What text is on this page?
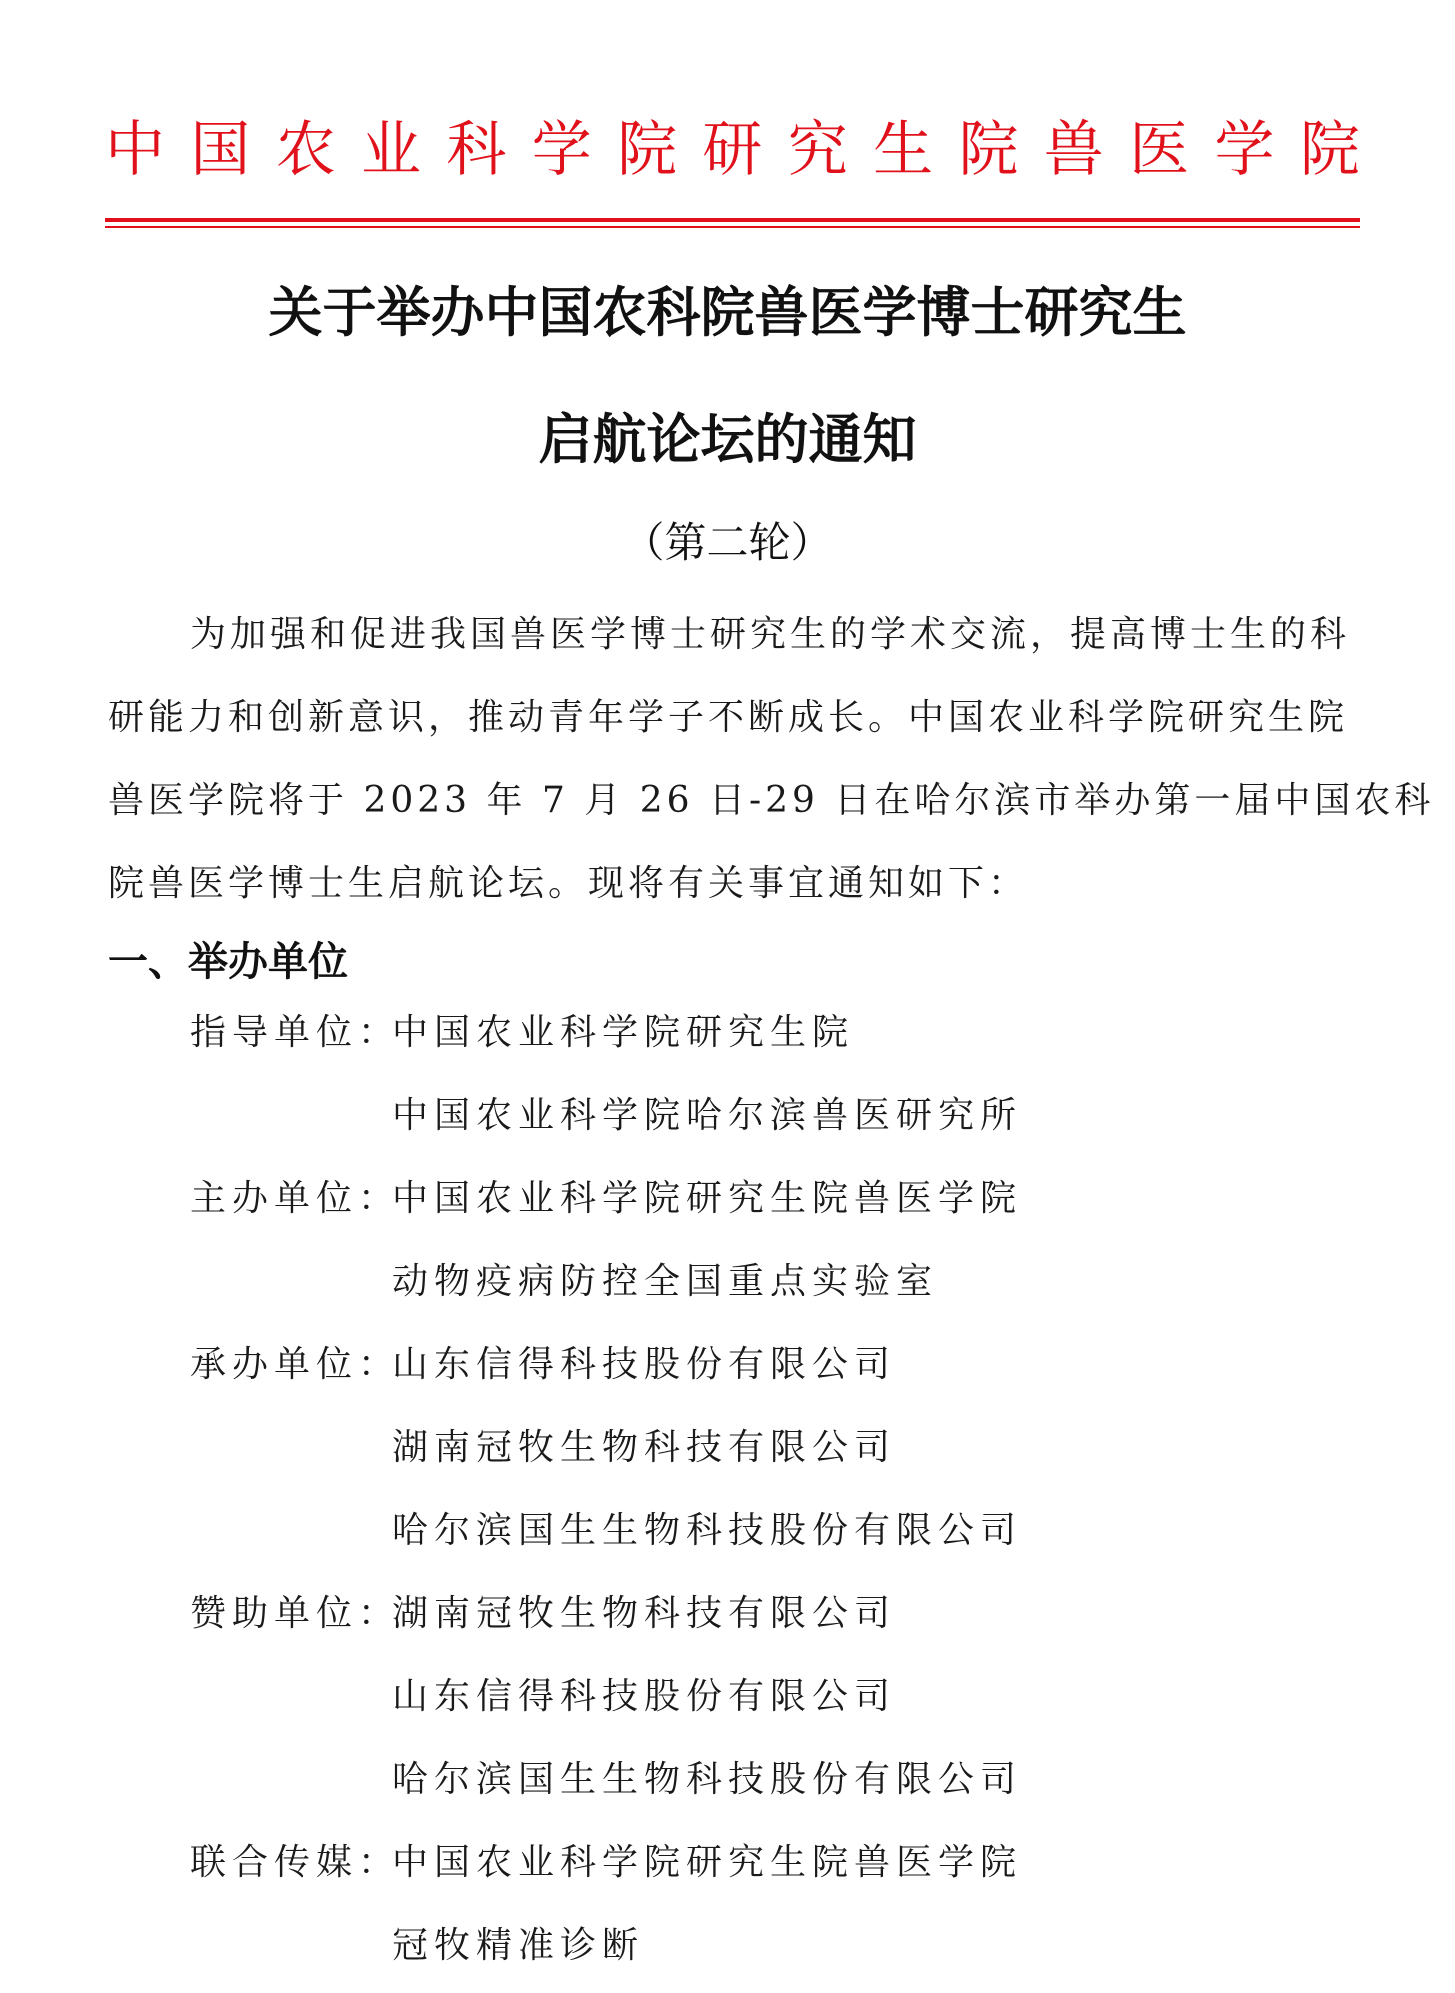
中 国 农 业 科 学 院 研 究 生 院 兽 医 学 院
关于举办中国农科院兽医学博士研究生
启航论坛的通知
（第二轮）
为加强和促进我国兽医学博士研究生的学术交流，提高博士生的科
研能力和创新意识，推动青年学子不断成长。中国农业科学院研究生院
兽医学院将于 2023 年 7 月 26 日-29 日在哈尔滨市举办第一届中国农科
院兽医学博士生启航论坛。现将有关事宜通知如下：
一、举办单位
指导单位：
中国农业科学院研究生院
中国农业科学院哈尔滨兽医研究所
主办单位：
中国农业科学院研究生院兽医学院
动物疫病防控全国重点实验室
承办单位：
山东信得科技股份有限公司
湖南冠牧生物科技有限公司
哈尔滨国生生物科技股份有限公司
赞助单位：
湖南冠牧生物科技有限公司
山东信得科技股份有限公司
哈尔滨国生生物科技股份有限公司
联合传媒：
中国农业科学院研究生院兽医学院
冠牧精准诊断
